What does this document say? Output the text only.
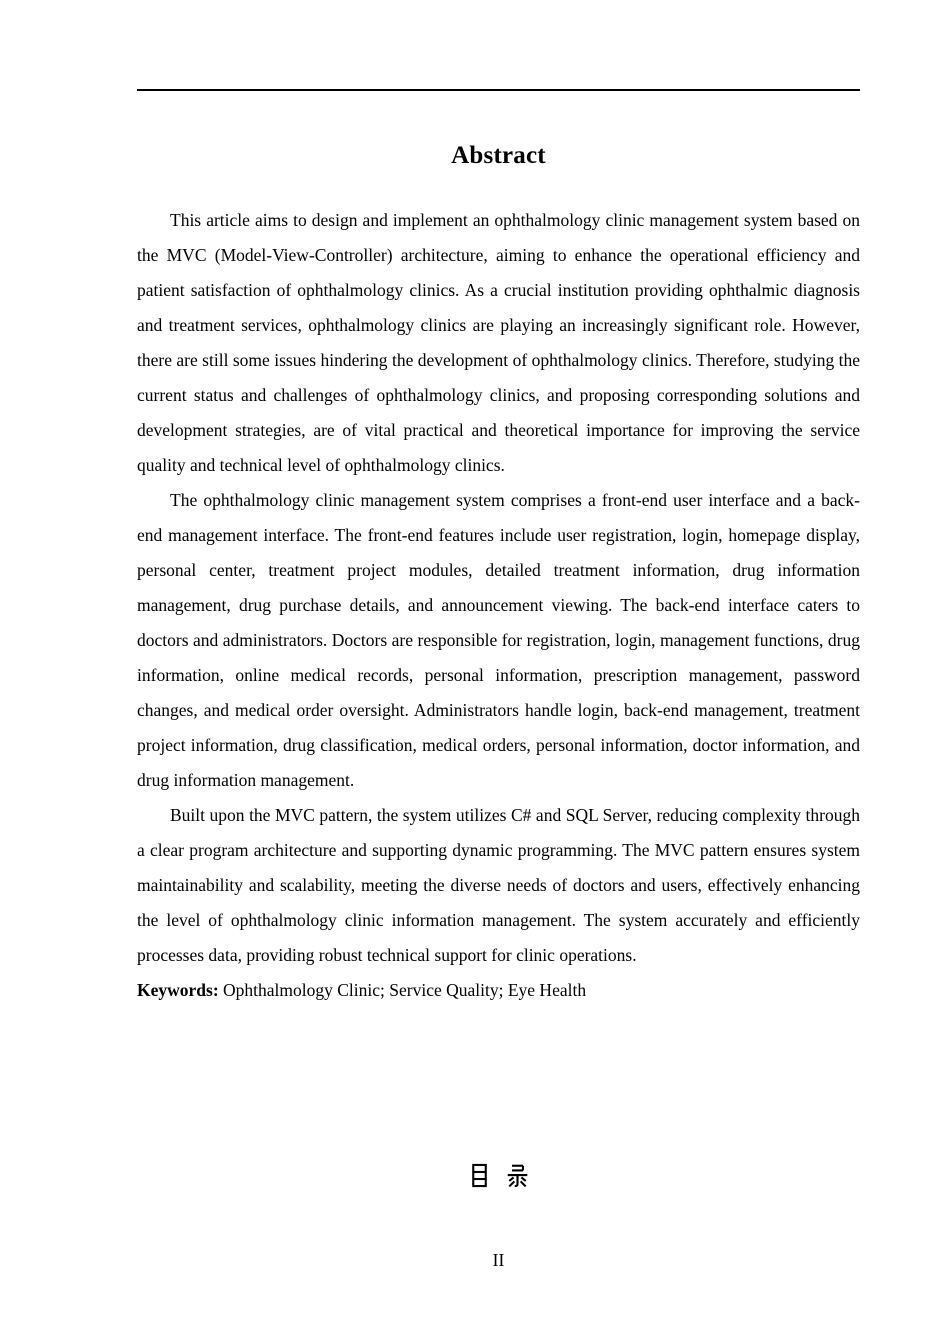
Abstract

This article aims to design and implement an ophthalmology clinic management system based on the MVC (Model-View-Controller) architecture, aiming to enhance the operational efficiency and patient satisfaction of ophthalmology clinics. As a crucial institution providing ophthalmic diagnosis and treatment services, ophthalmology clinics are playing an increasingly significant role. However, there are still some issues hindering the development of ophthalmology clinics. Therefore, studying the current status and challenges of ophthalmology clinics, and proposing corresponding solutions and development strategies, are of vital practical and theoretical importance for improving the service quality and technical level of ophthalmology clinics.

The ophthalmology clinic management system comprises a front-end user interface and a back-end management interface. The front-end features include user registration, login, homepage display, personal center, treatment project modules, detailed treatment information, drug information management, drug purchase details, and announcement viewing. The back-end interface caters to doctors and administrators. Doctors are responsible for registration, login, management functions, drug information, online medical records, personal information, prescription management, password changes, and medical order oversight. Administrators handle login, back-end management, treatment project information, drug classification, medical orders, personal information, doctor information, and drug information management.

Built upon the MVC pattern, the system utilizes C# and SQL Server, reducing complexity through a clear program architecture and supporting dynamic programming. The MVC pattern ensures system maintainability and scalability, meeting the diverse needs of doctors and users, effectively enhancing the level of ophthalmology clinic information management. The system accurately and efficiently processes data, providing robust technical support for clinic operations.

Keywords: Ophthalmology Clinic; Service Quality; Eye Health

II
